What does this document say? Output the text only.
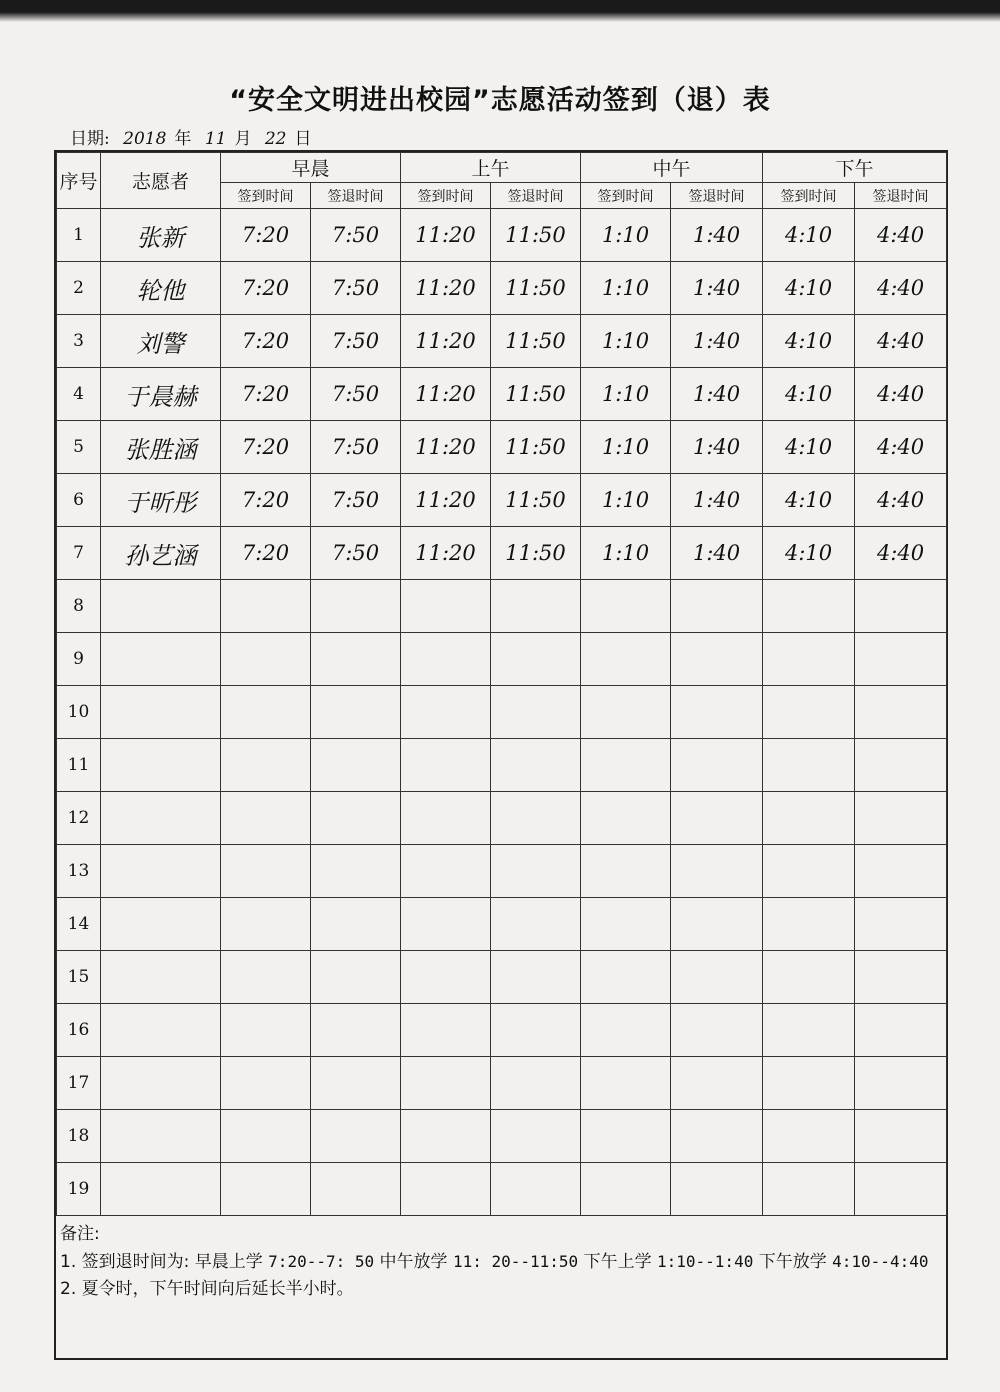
“安全文明进出校园”志愿活动签到（退）表
日期: 2018 年 11 月 22 日
序号	志愿者	早晨		上午		中午		下午	
		签到时间	签退时间	签到时间	签退时间	签到时间	签退时间	签到时间	签退时间
1	张新	7:20	7:50	11:20	11:50	1:10	1:40	4:10	4:40
2	轮他	7:20	7:50	11:20	11:50	1:10	1:40	4:10	4:40
3	刘警	7:20	7:50	11:20	11:50	1:10	1:40	4:10	4:40
4	于晨赫	7:20	7:50	11:20	11:50	1:10	1:40	4:10	4:40
5	张胜涵	7:20	7:50	11:20	11:50	1:10	1:40	4:10	4:40
6	于昕彤	7:20	7:50	11:20	11:50	1:10	1:40	4:10	4:40
7	孙艺涵	7:20	7:50	11:20	11:50	1:10	1:40	4:10	4:40
8									
9									
10									
11									
12									
13									
14									
15									
16									
17									
18									
19									
备注:
1. 签到退时间为: 早晨上学 7:20--7: 50 中午放学 11: 20--11:50 下午上学 1:10--1:40 下午放学 4:10--4:40
2. 夏令时，下午时间向后延长半小时。
